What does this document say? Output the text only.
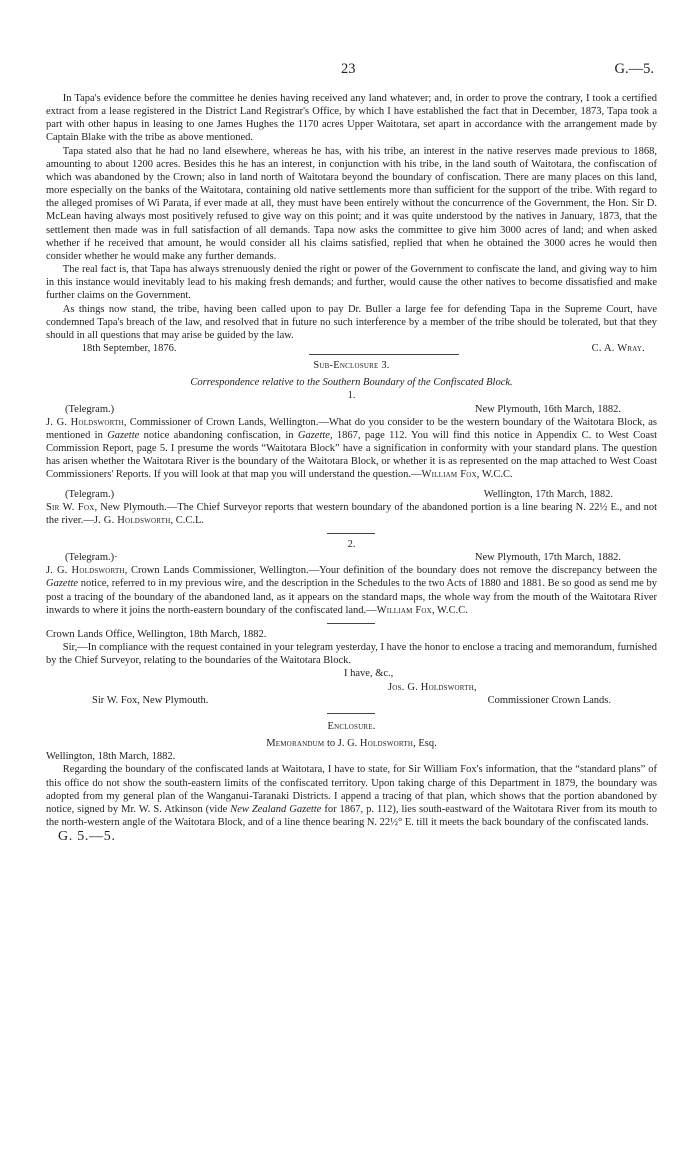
23	G.—5.

In Tapa's evidence before the committee he denies having received any land whatever; and, in order to prove the contrary, I took a certified extract from a lease registered in the District Land Registrar's Office, by which I have established the fact that in December, 1873, Tapa took a part with other hapus in leasing to one James Hughes the 1170 acres Upper Waitotara, set apart in accordance with the arrangement made by Captain Blake with the tribe as above mentioned.

Tapa stated also that he had no land elsewhere, whereas he has, with his tribe, an interest in the native reserves made previous to 1868, amounting to about 1200 acres. Besides this he has an interest, in conjunction with his tribe, in the land south of Waitotara, the confiscation of which was abandoned by the Crown; also in land north of Waitotara beyond the boundary of confiscation. There are many places on this land, more especially on the banks of the Waitotara, containing old native settlements more than sufficient for the support of the tribe. With regard to the alleged promises of Wi Parata, if ever made at all, they must have been entirely without the concurrence of the Government, the Hon. Sir D. McLean having always most positively refused to give way on this point; and it was quite understood by the natives in January, 1873, that the settlement then made was in full satisfaction of all demands. Tapa now asks the committee to give him 3000 acres of land; and when asked whether if he received that amount, he would consider all his claims satisfied, replied that when he obtained the 3000 acres he would then consider whether he would make any further demands.

The real fact is, that Tapa has always strenuously denied the right or power of the Government to confiscate the land, and giving way to him in this instance would inevitably lead to his making fresh demands; and further, would cause the other natives to become dissatisfied and make further claims on the Government.

As things now stand, the tribe, having been called upon to pay Dr. Buller a large fee for defending Tapa in the Supreme Court, have condemned Tapa's breach of the law, and resolved that in future no such interference by a member of the tribe should be tolerated, but that they should in all questions that may arise be guided by the law.

18th September, 1876.	C. A. Wray.

Sub-Enclosure 3.

Correspondence relative to the Southern Boundary of the Confiscated Block.

1.

(Telegram.)	New Plymouth, 16th March, 1882.

J. G. Holdsworth, Commissioner of Crown Lands, Wellington.—What do you consider to be the western boundary of the Waitotara Block, as mentioned in Gazette notice abandoning confiscation, in Gazette, 1867, page 112. You will find this notice in Appendix C. to West Coast Commission Report, page 5. I presume the words “Waitotara Block” have a signification in conformity with your standard plans. The question has arisen whether the Waitotara River is the boundary of the Waitotara Block, or whether it is as represented on the map attached to West Coast Commissioners' Reports. If you will look at that map you will understand the question.—William Fox, W.C.C.

(Telegram.)	Wellington, 17th March, 1882.

Sir W. Fox, New Plymouth.—The Chief Surveyor reports that western boundary of the abandoned portion is a line bearing N. 22½ E., and not the river.—J. G. Holdsworth, C.C.L.

2.

(Telegram.)·	New Plymouth, 17th March, 1882.

J. G. Holdsworth, Crown Lands Commissioner, Wellington.—Your definition of the boundary does not remove the discrepancy between the Gazette notice, referred to in my previous wire, and the description in the Schedules to the two Acts of 1880 and 1881. Be so good as send me by post a tracing of the boundary of the abandoned land, as it appears on the standard maps, the whole way from the mouth of the Waitotara River inwards to where it joins the north-eastern boundary of the confiscated land.—William Fox, W.C.C.

Crown Lands Office, Wellington, 18th March, 1882.

Sir,—In compliance with the request contained in your telegram yesterday, I have the honor to enclose a tracing and memorandum, furnished by the Chief Surveyor, relating to the boundaries of the Waitotara Block.

I have, &c.,

Jos. G. Holdsworth,

Sir W. Fox, New Plymouth.	Commissioner Crown Lands.

Enclosure.

Memorandum to J. G. Holdsworth, Esq.

Wellington, 18th March, 1882.

Regarding the boundary of the confiscated lands at Waitotara, I have to state, for Sir William Fox's information, that the “standard plans” of this office do not show the south-eastern limits of the confiscated territory. Upon taking charge of this Department in 1879, the boundary was adopted from my general plan of the Wanganui-Taranaki Districts. I append a tracing of that plan, which shows that the portion abandoned by notice, signed by Mr. W. S. Atkinson (vide New Zealand Gazette for 1867, p. 112), lies south-eastward of the Waitotara River from its mouth to the north-western angle of the Waitotara Block, and of a line thence bearing N. 22½° E. till it meets the back boundary of the confiscated lands.

G. 5.—5.
